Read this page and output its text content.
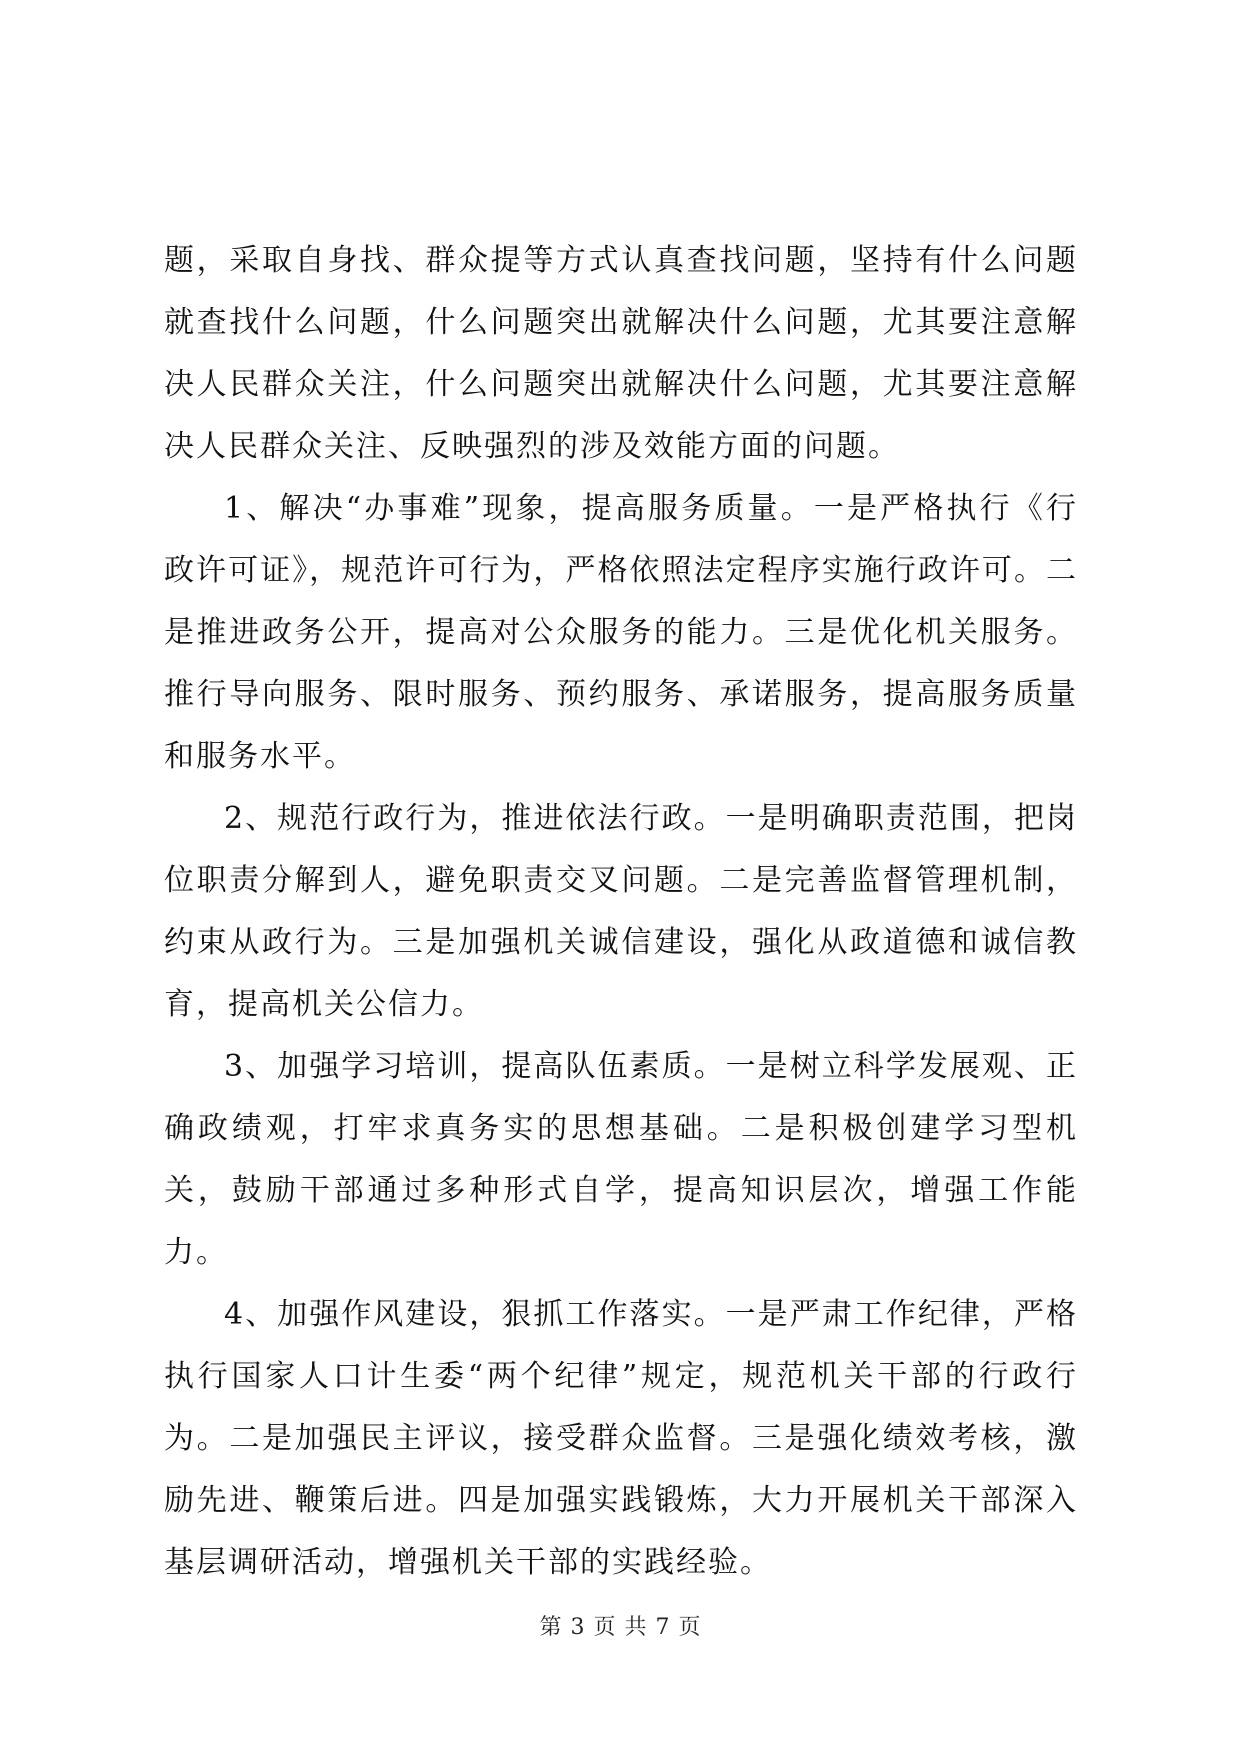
题，采取自身找、群众提等方式认真查找问题，坚持有什么问题就查找什么问题，什么问题突出就解决什么问题，尤其要注意解决人民群众关注，什么问题突出就解决什么问题，尤其要注意解决人民群众关注、反映强烈的涉及效能方面的问题。

1、解决“办事难”现象，提高服务质量。一是严格执行《行政许可证》，规范许可行为，严格依照法定程序实施行政许可。二是推进政务公开，提高对公众服务的能力。三是优化机关服务。推行导向服务、限时服务、预约服务、承诺服务，提高服务质量和服务水平。

2、规范行政行为，推进依法行政。一是明确职责范围，把岗位职责分解到人，避免职责交叉问题。二是完善监督管理机制，约束从政行为。三是加强机关诚信建设，强化从政道德和诚信教育，提高机关公信力。

3、加强学习培训，提高队伍素质。一是树立科学发展观、正确政绩观，打牢求真务实的思想基础。二是积极创建学习型机关，鼓励干部通过多种形式自学，提高知识层次，增强工作能力。

4、加强作风建设，狠抓工作落实。一是严肃工作纪律，严格执行国家人口计生委“两个纪律”规定，规范机关干部的行政行为。二是加强民主评议，接受群众监督。三是强化绩效考核，激励先进、鞭策后进。四是加强实践锻炼，大力开展机关干部深入基层调研活动，增强机关干部的实践经验。

第 3 页 共 7 页
